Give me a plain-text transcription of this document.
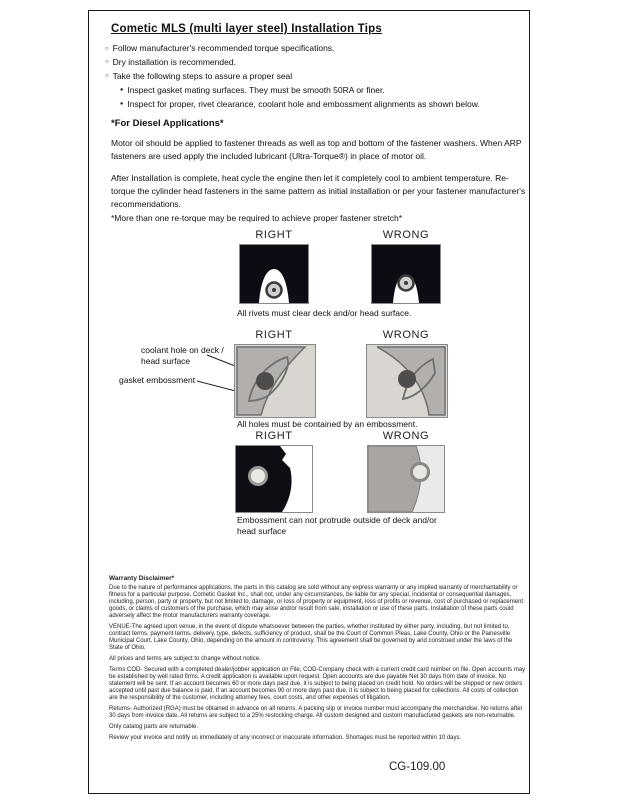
Cometic MLS (multi layer steel) Installation Tips
○ Follow manufacturer's recommended torque specifications.
○ Dry installation is recommended.
○ Take the following steps to assure a proper seal
● Inspect gasket mating surfaces. They must be smooth 50RA or finer.
● Inspect for proper, rivet clearance, coolant hole and embossment alignments as shown below.
*For Diesel Applications*
Motor oil should be applied to fastener threads as well as top and bottom of the fastener washers. When ARP fasteners are used apply the included lubricant (Ultra-Torque®) in place of motor oil.
After Installation is complete, heat cycle the engine then let it completely cool to ambient temperature. Re-torque the cylinder head fasteners in the same pattern as initial installation or per your fastener manufacturer's recommendations.
*More than one re-torque may be required to achieve proper fastener stretch*
RIGHT	WRONG
All rivets must clear deck and/or head surface.
coolant hole on deck / head surface
gasket embossment
RIGHT	WRONG
All holes must be contained by an embossment.
RIGHT	WRONG
Embossment can not protrude outside of deck and/or head surface
Warranty Disclaimer*

Due to the nature of performance applications, the parts in this catalog are sold without any express warranty or any implied warranty of merchantability or fitness for a particular purpose. Cometic Gasket Inc., shall not, under any circumstances, be liable for any special, incidental or consequential damages, including, person, party or property, but not limited to, damage, or loss of property or equipment, loss of profits or revenue, cost of purchased or replacement goods, or claims of customers of the purchase, which may arise and/or result from sale, installation or use of these parts. Installation of these parts could adversely affect the motor manufacturers warranty coverage.

VENUE-The agreed upon venue, in the event of dispute whatsoever between the parties, whether instituted by either party, including, but not limited to, contract terms, payment terms, delivery, type, defects, sufficiency of product, shall be the Court of Common Pleas, Lake County, Ohio or the Painesville Municipal Court, Lake County, Ohio, depending on the amount in controversy. This agreement shall be governed by and construed under the laws of the State of Ohio.

All prices and terms are subject to change without notice.

Terms COD- Secured with a completed dealer/jobber application on File, COD-Company check with a current credit card number on file. Open accounts may be established by well rated firms. A credit application is available upon request. Open accounts are due payable Net 30 days from date of invoice. No statement will be sent. If an account becomes 60 or more days past due, it is subject to being placed on credit hold. No orders will be shipped or new orders accepted until past due balance is paid. If an account becomes 90 or more days past due, it is subject to being placed for collections. All costs of collection are the responsibility of the customer, including attorney fees, court costs, and other expenses of litigation.

Returns- Authorized (RGA) must be obtained in advance on all returns. A packing slip or invoice number must accompany the merchandise. No returns after 30 days from invoice date. All returns are subject to a 25% restocking charge. All custom designed and custom manufactured gaskets are non-returnable.

Only catalog parts are returnable.

Review your invoice and notify us immediately of any incorrect or inaccurate information. Shortages must be reported within 10 days.

CG-109.00
